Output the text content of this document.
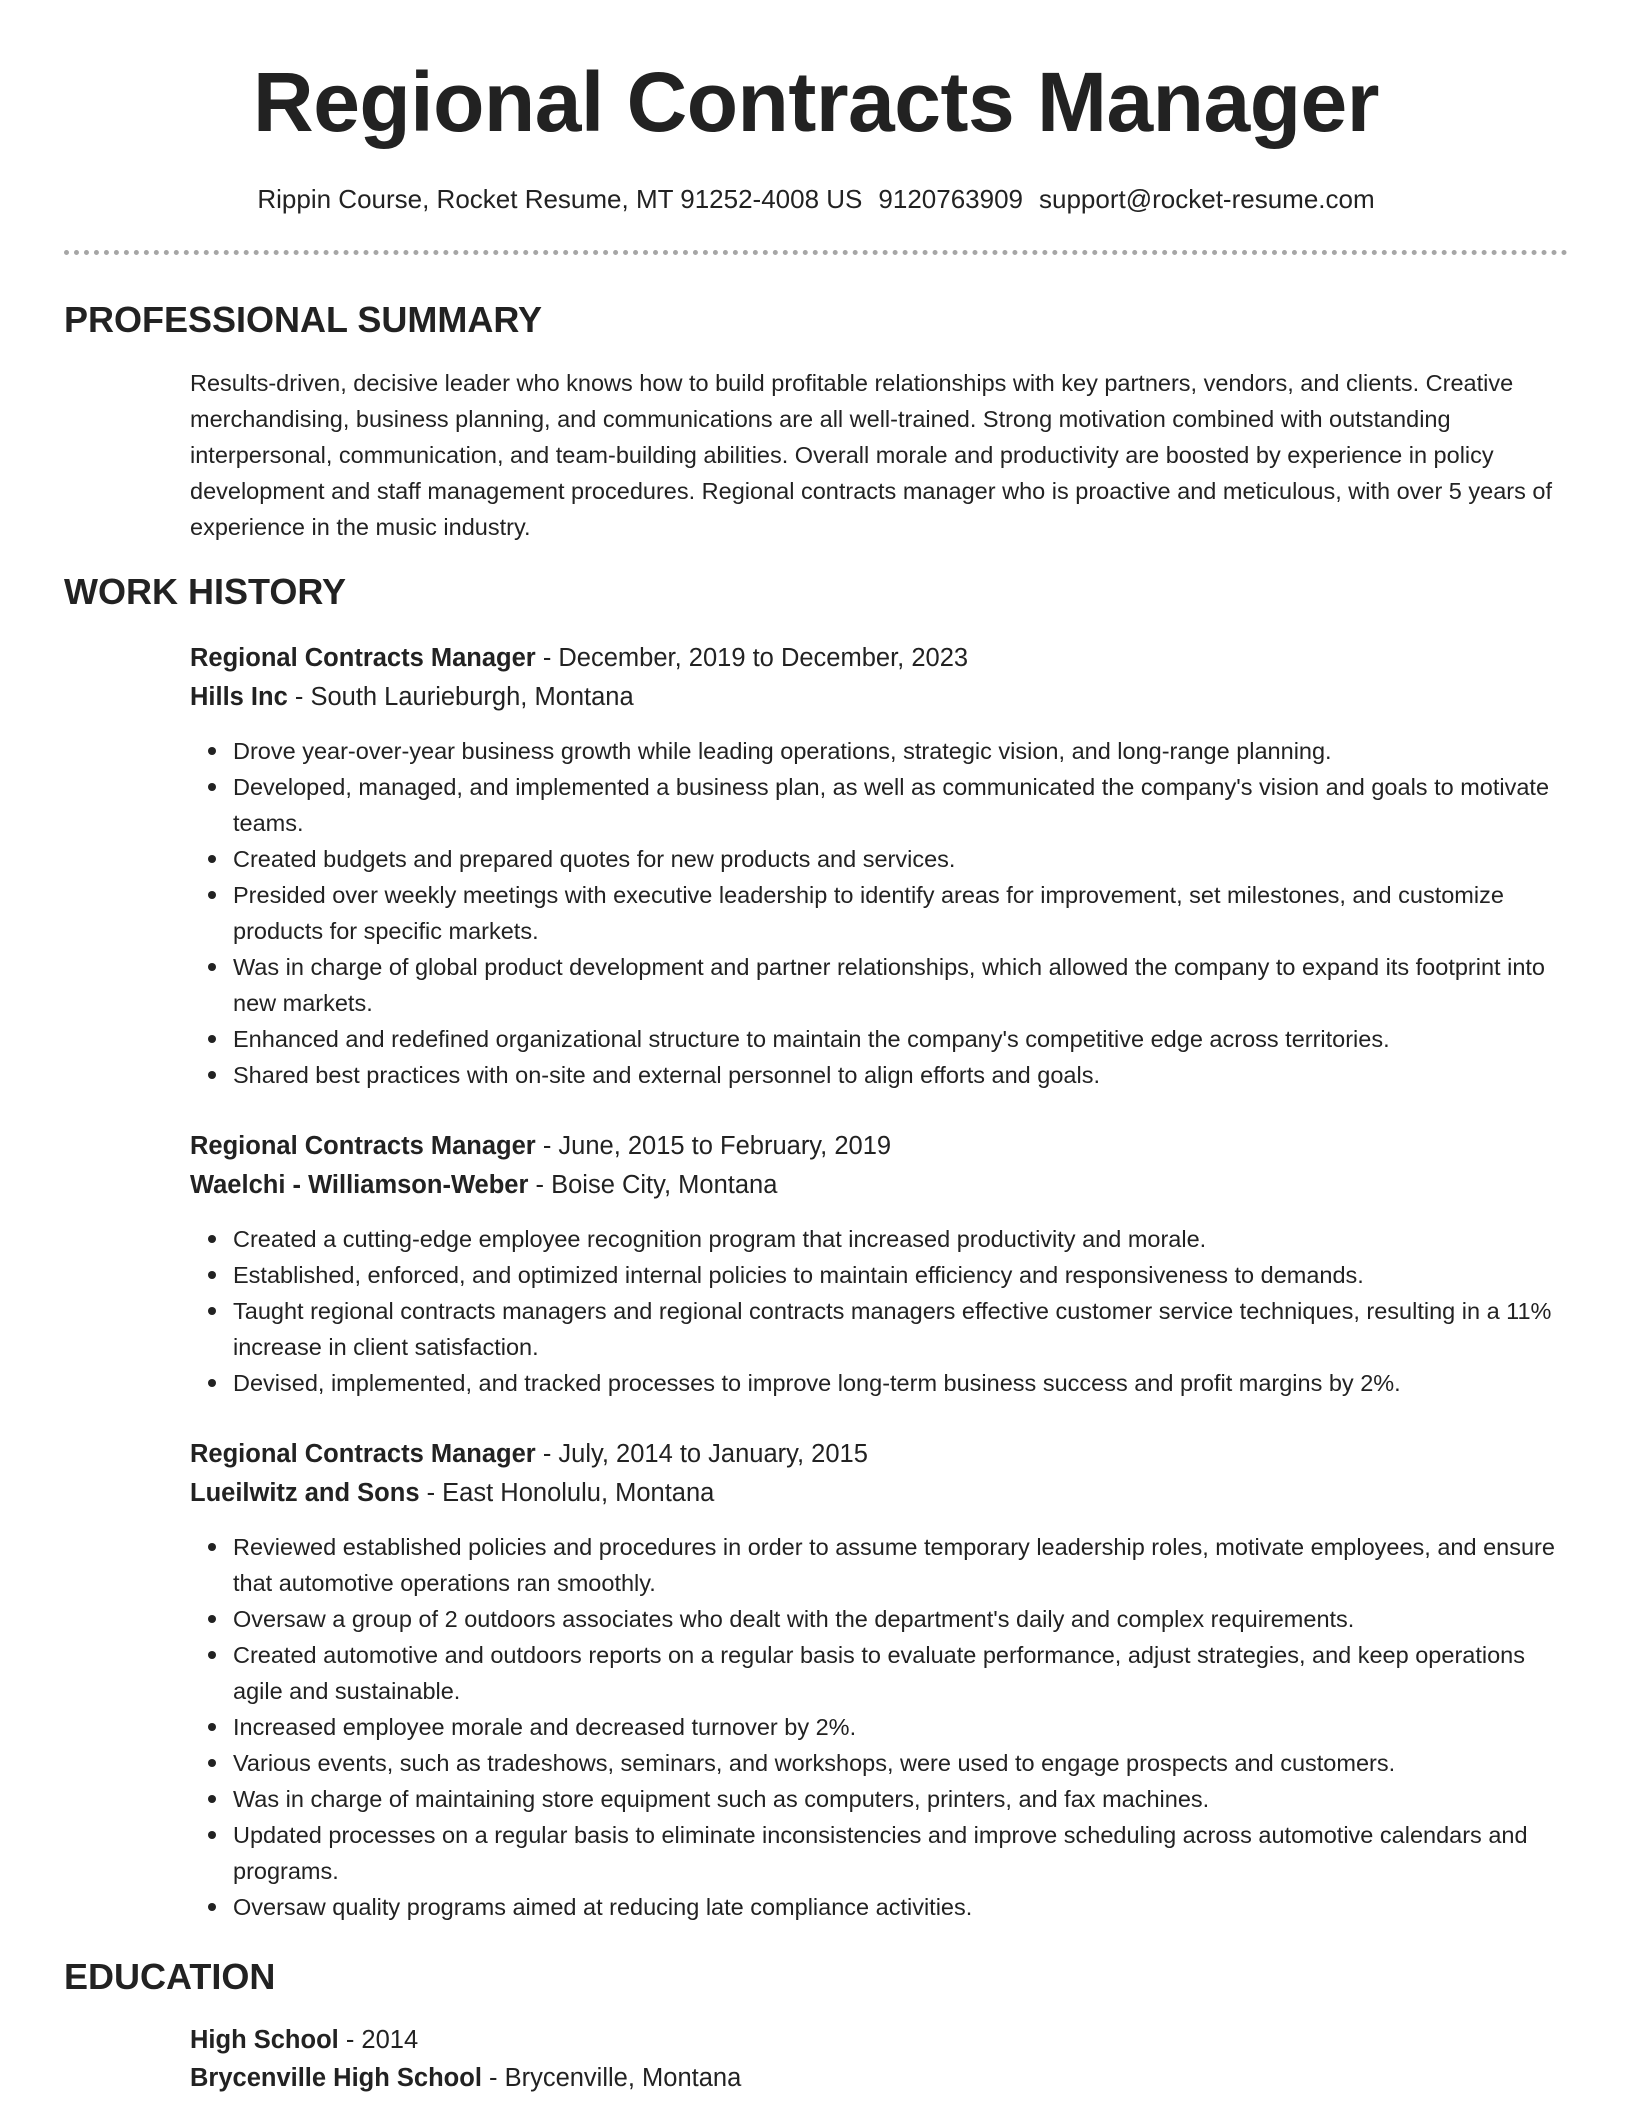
Regional Contracts Manager
Rippin Course, Rocket Resume, MT 91252-4008 US 9120763909 support@rocket-resume.com
PROFESSIONAL SUMMARY
Results-driven, decisive leader who knows how to build profitable relationships with key partners, vendors, and clients. Creative merchandising, business planning, and communications are all well-trained. Strong motivation combined with outstanding interpersonal, communication, and team-building abilities. Overall morale and productivity are boosted by experience in policy development and staff management procedures. Regional contracts manager who is proactive and meticulous, with over 5 years of experience in the music industry.
WORK HISTORY
Regional Contracts Manager - December, 2019 to December, 2023
Hills Inc - South Laurieburgh, Montana
Drove year-over-year business growth while leading operations, strategic vision, and long-range planning.
Developed, managed, and implemented a business plan, as well as communicated the company's vision and goals to motivate teams.
Created budgets and prepared quotes for new products and services.
Presided over weekly meetings with executive leadership to identify areas for improvement, set milestones, and customize products for specific markets.
Was in charge of global product development and partner relationships, which allowed the company to expand its footprint into new markets.
Enhanced and redefined organizational structure to maintain the company's competitive edge across territories.
Shared best practices with on-site and external personnel to align efforts and goals.
Regional Contracts Manager - June, 2015 to February, 2019
Waelchi - Williamson-Weber - Boise City, Montana
Created a cutting-edge employee recognition program that increased productivity and morale.
Established, enforced, and optimized internal policies to maintain efficiency and responsiveness to demands.
Taught regional contracts managers and regional contracts managers effective customer service techniques, resulting in a 11% increase in client satisfaction.
Devised, implemented, and tracked processes to improve long-term business success and profit margins by 2%.
Regional Contracts Manager - July, 2014 to January, 2015
Lueilwitz and Sons - East Honolulu, Montana
Reviewed established policies and procedures in order to assume temporary leadership roles, motivate employees, and ensure that automotive operations ran smoothly.
Oversaw a group of 2 outdoors associates who dealt with the department's daily and complex requirements.
Created automotive and outdoors reports on a regular basis to evaluate performance, adjust strategies, and keep operations agile and sustainable.
Increased employee morale and decreased turnover by 2%.
Various events, such as tradeshows, seminars, and workshops, were used to engage prospects and customers.
Was in charge of maintaining store equipment such as computers, printers, and fax machines.
Updated processes on a regular basis to eliminate inconsistencies and improve scheduling across automotive calendars and programs.
Oversaw quality programs aimed at reducing late compliance activities.
EDUCATION
High School - 2014
Brycenville High School - Brycenville, Montana
